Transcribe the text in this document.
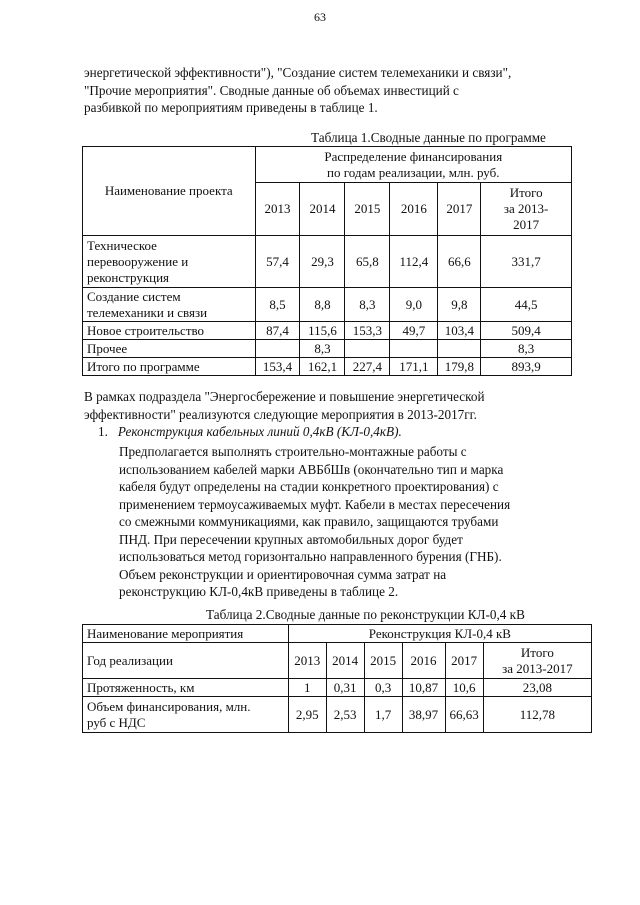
63
энергетической эффективности"), "Создание систем телемеханики и связи",
"Прочие мероприятия". Сводные данные об объемах инвестиций с
разбивкой по мероприятиям приведены в таблице 1.
Таблица 1.Сводные данные по программе
Наименование проекта	Распределение финансирования
по годам реализации, млн. руб.					

	2013	2014	2015	2016	2017	Итого
за 2013-
2017

Техническое
перевооружение и
реконструкция	57,4	29,3	65,8	112,4	66,6	331,7

Создание систем
телемеханики и связи	8,5	8,8	8,3	9,0	9,8	44,5
Новое строительство	87,4	115,6	153,3	49,7	103,4	509,4
Прочее		8,3				8,3
Итого по программе	153,4	162,1	227,4	171,1	179,8	893,9
В рамках подраздела "Энергосбережение и повышение энергетической
эффективности" реализуются следующие мероприятия в 2013-2017гг.
1. Реконструкция кабельных линий 0,4кВ (КЛ-0,4кВ).
Предполагается выполнять строительно-монтажные работы с
использованием кабелей марки АВБбШв (окончательно тип и марка
кабеля будут определены на стадии конкретного проектирования) с
применением термоусаживаемых муфт. Кабели в местах пересечения
со смежными коммуникациями, как правило, защищаются трубами
ПНД. При пересечении крупных автомобильных дорог будет
использоваться метод горизонтально направленного бурения (ГНБ).
Объем реконструкции и ориентировочная сумма затрат на
реконструкцию КЛ-0,4кВ приведены в таблице 2.
Таблица 2.Сводные данные по реконструкции КЛ-0,4 кВ
Наименование мероприятия	Реконструкция КЛ-0,4 кВ					
Год реализации	2013	2014	2015	2016	2017	Итого
за 2013-2017

Протяженность, км	1	0,31	0,3	10,87	10,6	23,08

Объем финансирования, млн.
руб с НДС	2,95	2,53	1,7	38,97	66,63	112,78
